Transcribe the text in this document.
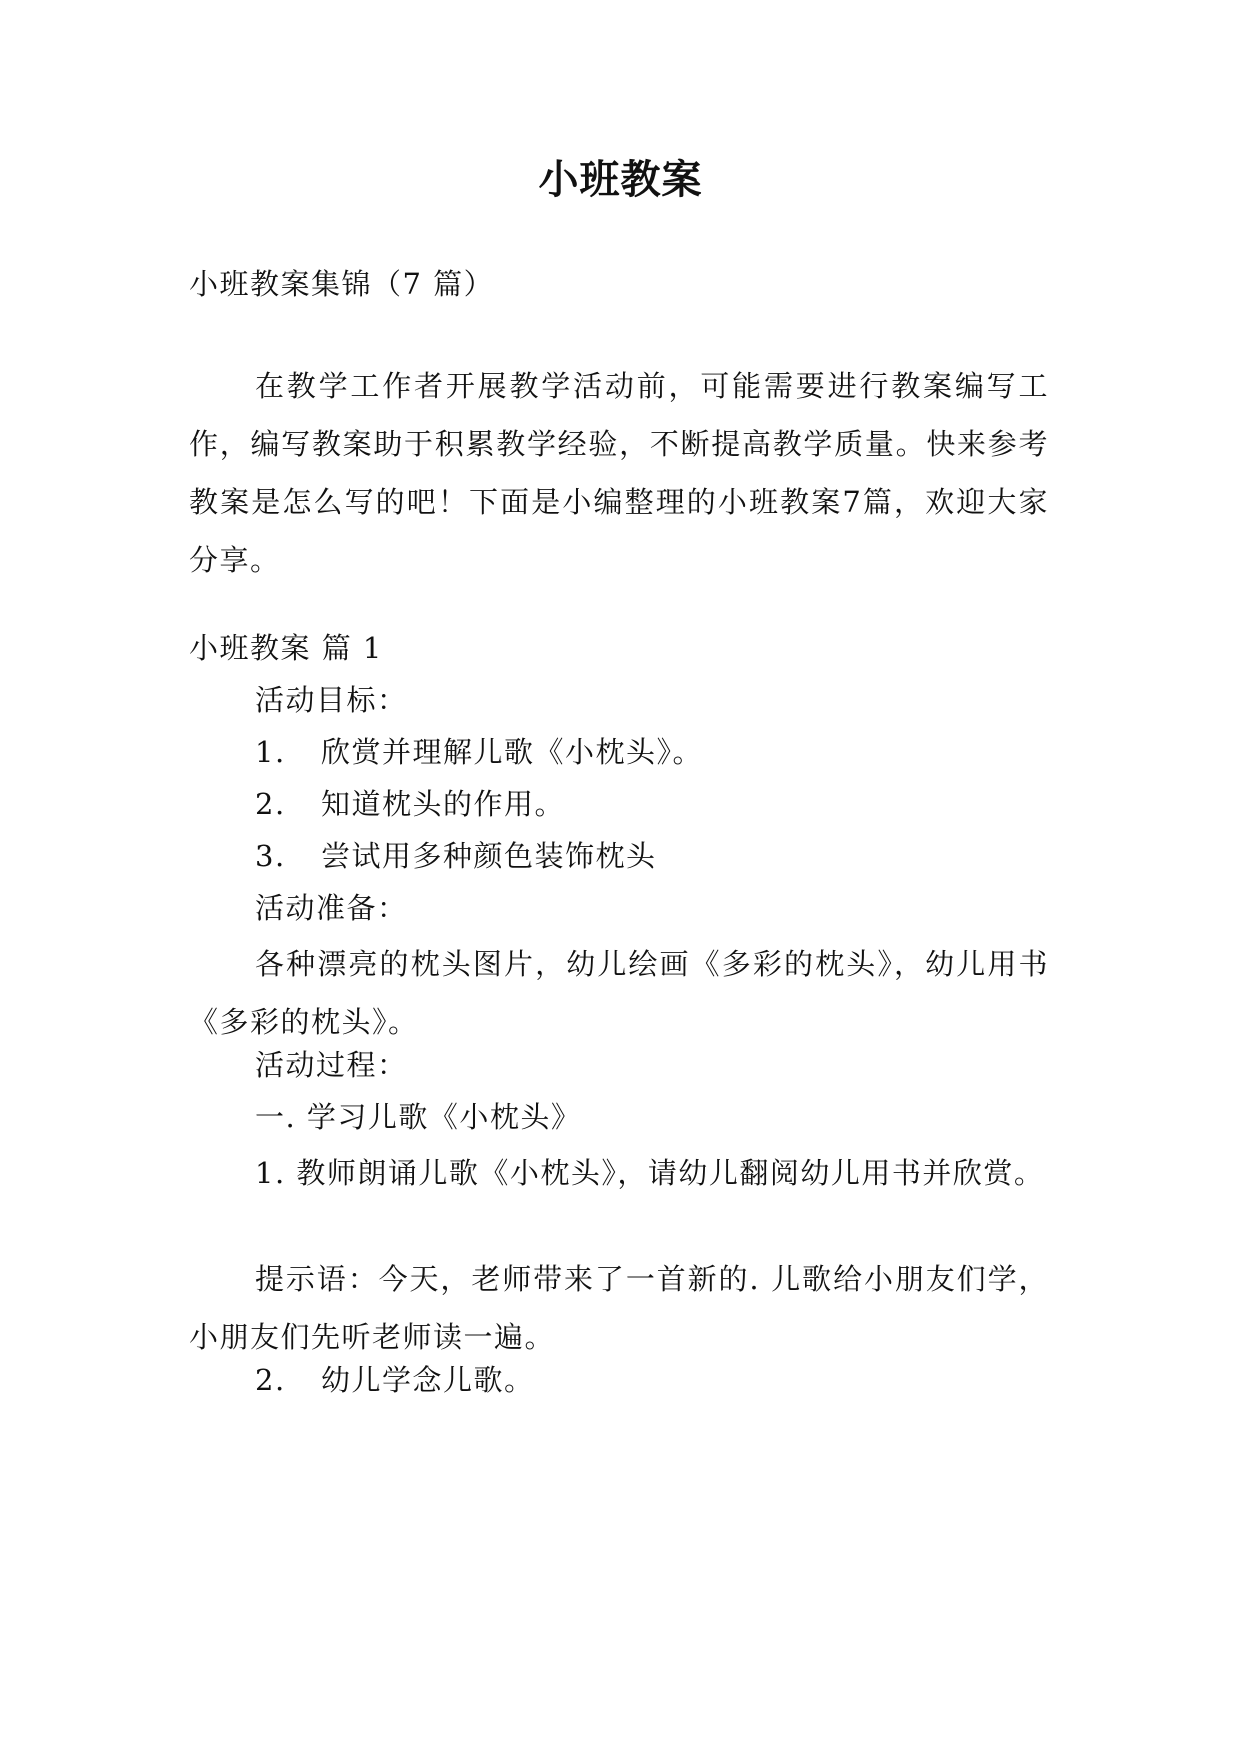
小班教案
小班教案集锦（7 篇）
在教学工作者开展教学活动前，可能需要进行教案编写工作，编写教案助于积累教学经验，不断提高教学质量。快来参考教案是怎么写的吧！下面是小编整理的小班教案7篇，欢迎大家分享。
小班教案 篇 1
活动目标：
1. 欣赏并理解儿歌《小枕头》。
2. 知道枕头的作用。
3. 尝试用多种颜色装饰枕头
活动准备：
各种漂亮的枕头图片，幼儿绘画《多彩的枕头》，幼儿用书《多彩的枕头》。
活动过程：
一. 学习儿歌《小枕头》
1. 教师朗诵儿歌《小枕头》，请幼儿翻阅幼儿用书并欣赏。
提示语：今天，老师带来了一首新的. 儿歌给小朋友们学，小朋友们先听老师读一遍。
2. 幼儿学念儿歌。
